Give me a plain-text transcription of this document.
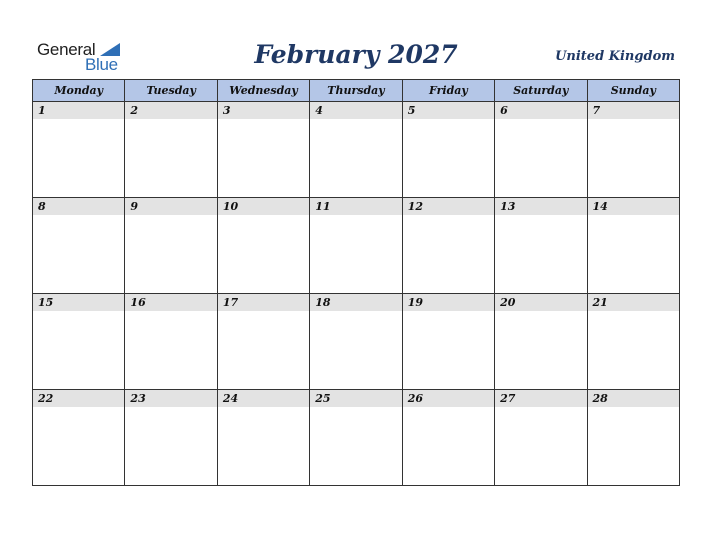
General
Blue	February 2027	United Kingdom
Monday	Tuesday	Wednesday	Thursday	Friday	Saturday	Sunday

1	2	3	4	5	6	7

8	9	10	11	12	13	14

15	16	17	18	19	20	21

22	23	24	25	26	27	28
